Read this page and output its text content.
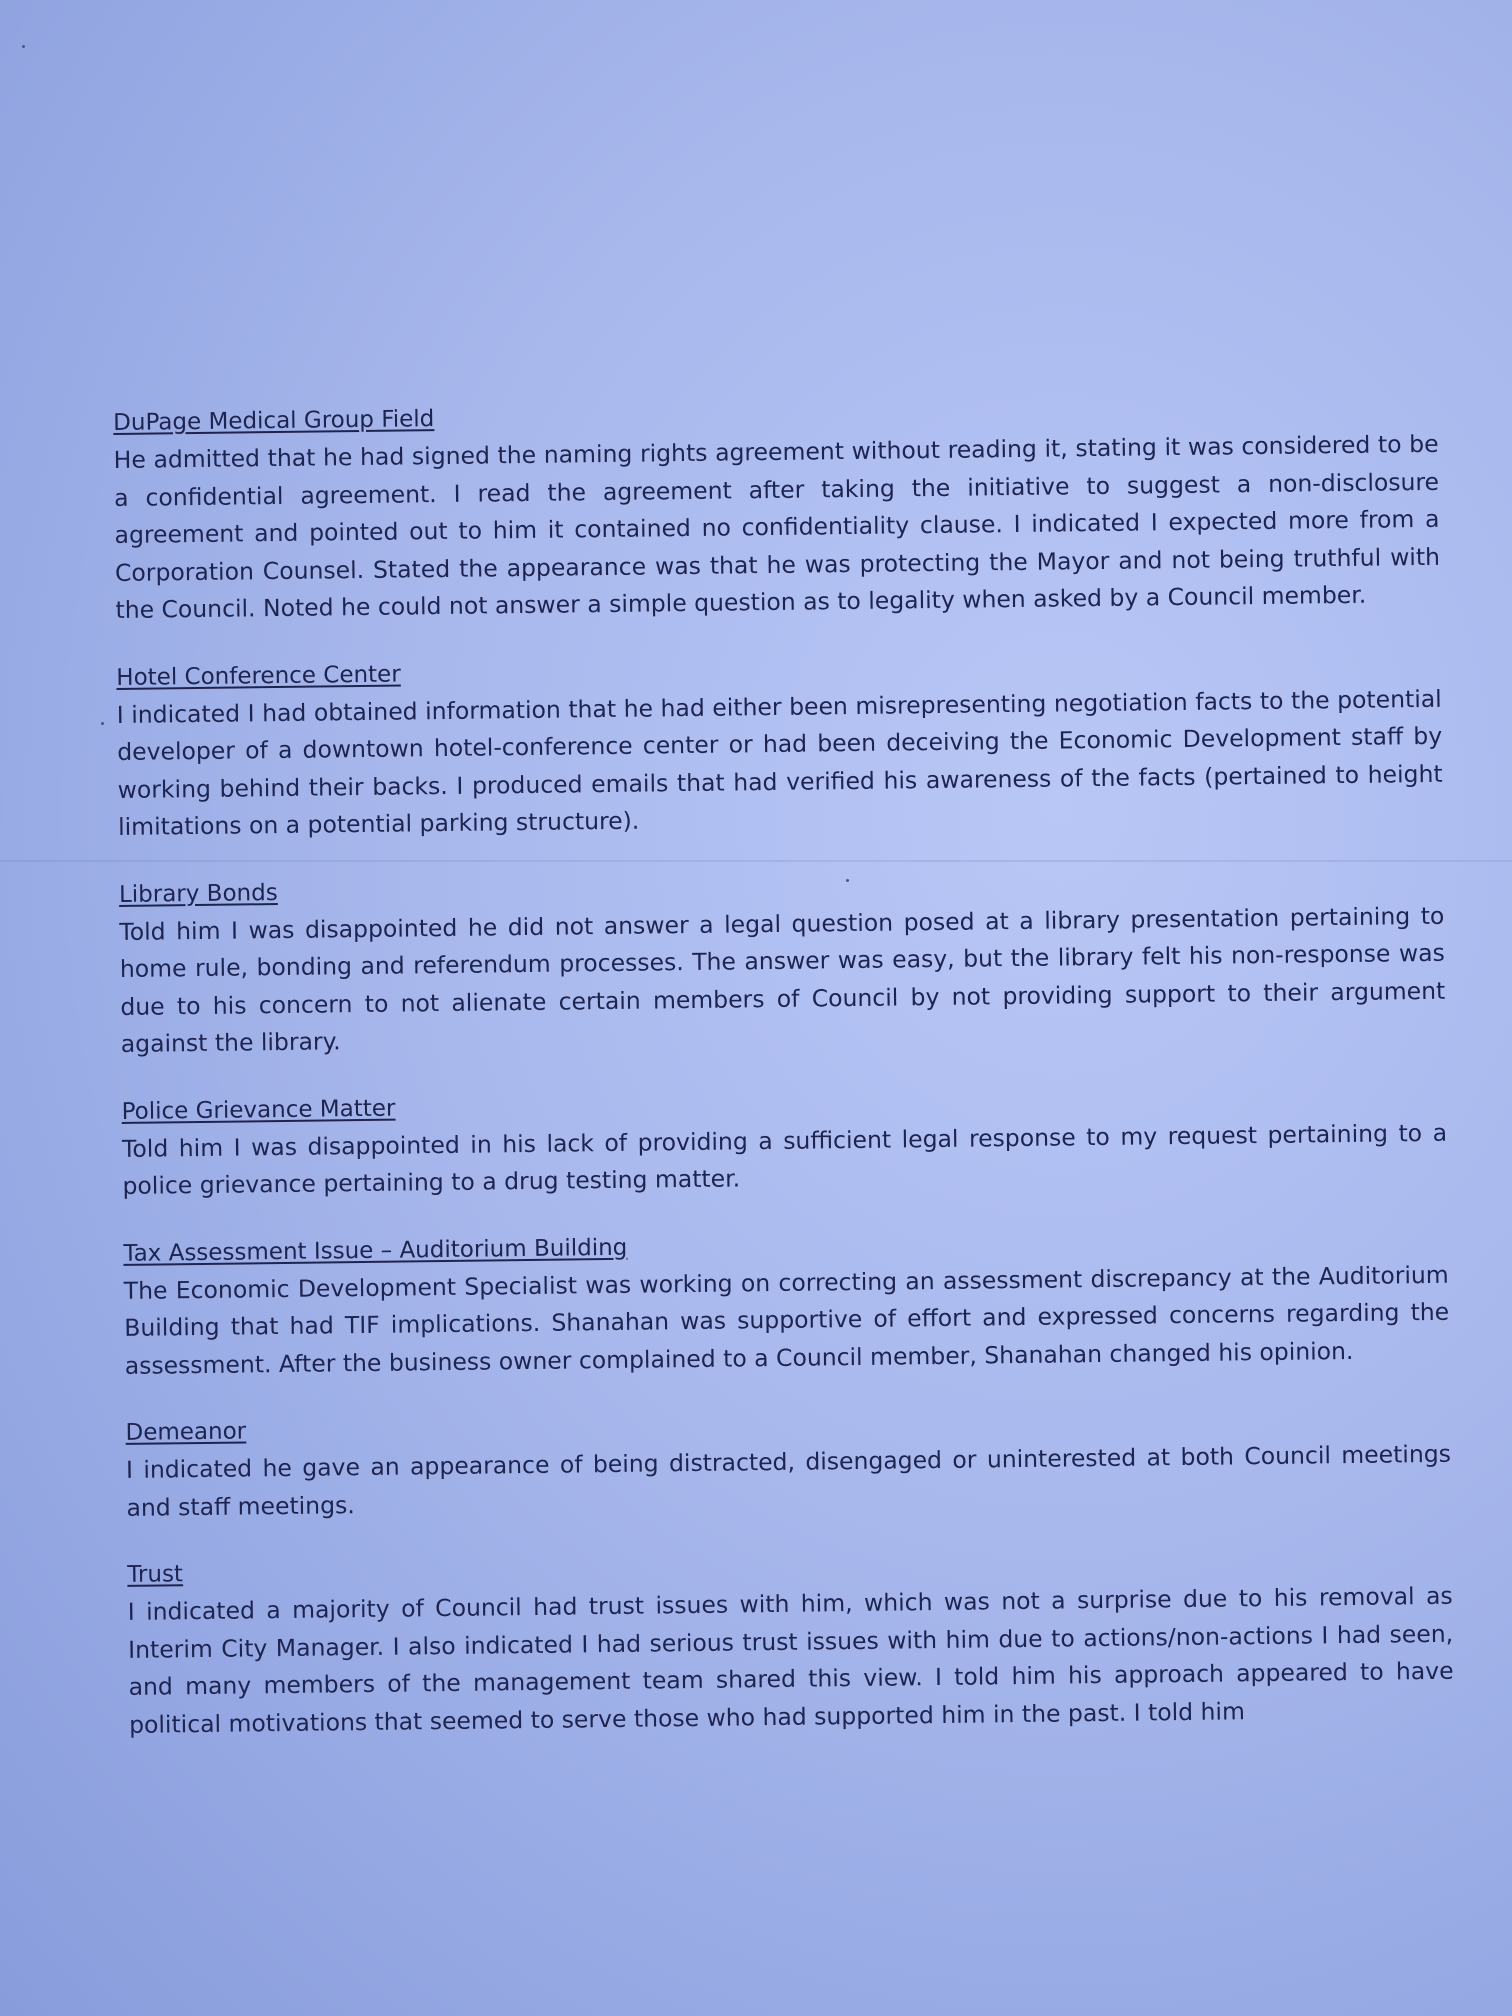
DuPage Medical Group Field

He admitted that he had signed the naming rights agreement without reading it, stating it was considered to be a confidential agreement. I read the agreement after taking the initiative to suggest a non-disclosure agreement and pointed out to him it contained no confidentiality clause. I indicated I expected more from a Corporation Counsel. Stated the appearance was that he was protecting the Mayor and not being truthful with the Council. Noted he could not answer a simple question as to legality when asked by a Council member.

Hotel Conference Center

I indicated I had obtained information that he had either been misrepresenting negotiation facts to the potential developer of a downtown hotel-conference center or had been deceiving the Economic Development staff by working behind their backs. I produced emails that had verified his awareness of the facts (pertained to height limitations on a potential parking structure).

Library Bonds

Told him I was disappointed he did not answer a legal question posed at a library presentation pertaining to home rule, bonding and referendum processes. The answer was easy, but the library felt his non-response was due to his concern to not alienate certain members of Council by not providing support to their argument against the library.

Police Grievance Matter

Told him I was disappointed in his lack of providing a sufficient legal response to my request pertaining to a police grievance pertaining to a drug testing matter.

Tax Assessment Issue – Auditorium Building

The Economic Development Specialist was working on correcting an assessment discrepancy at the Auditorium Building that had TIF implications. Shanahan was supportive of effort and expressed concerns regarding the assessment. After the business owner complained to a Council member, Shanahan changed his opinion.

Demeanor

I indicated he gave an appearance of being distracted, disengaged or uninterested at both Council meetings and staff meetings.

Trust

I indicated a majority of Council had trust issues with him, which was not a surprise due to his removal as Interim City Manager. I also indicated I had serious trust issues with him due to actions/non-actions I had seen, and many members of the management team shared this view. I told him his approach appeared to have political motivations that seemed to serve those who had supported him in the past. I told him
